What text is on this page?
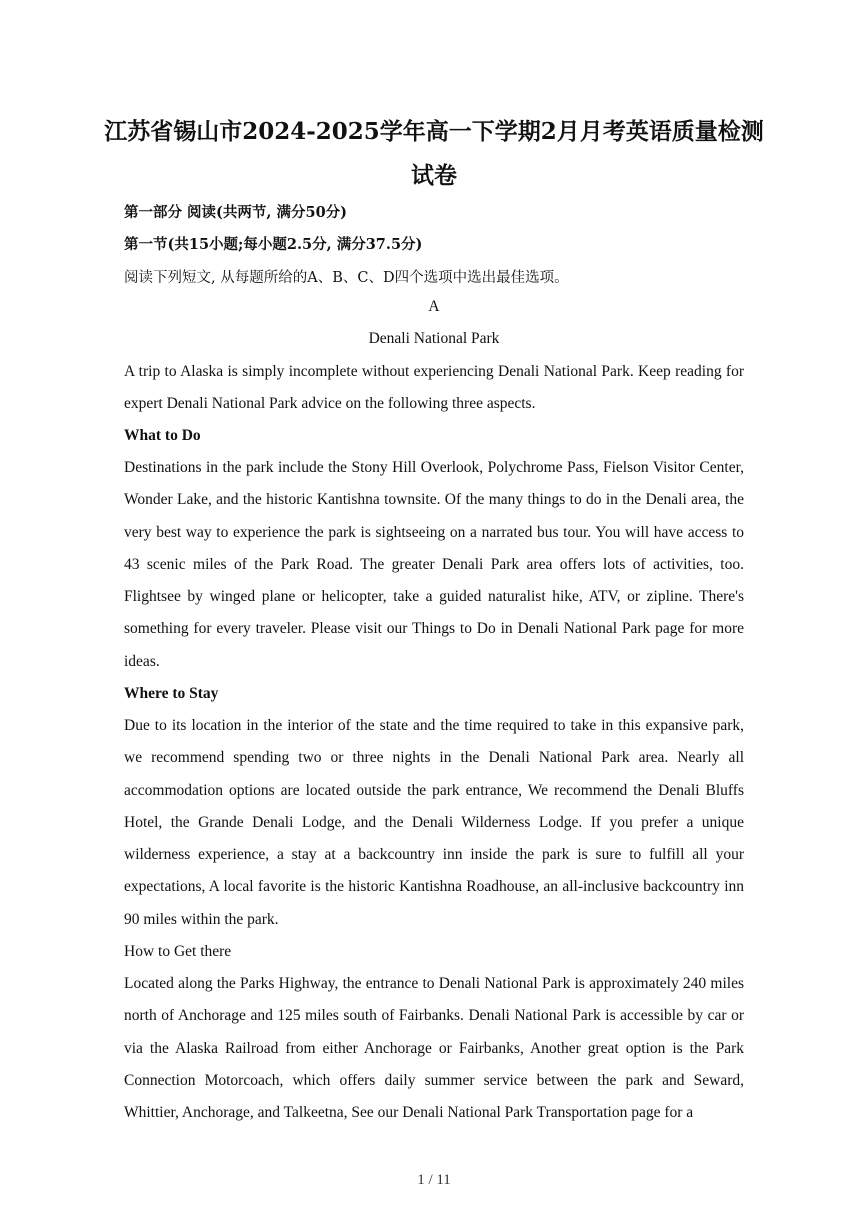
江苏省锡山市2024-2025学年高一下学期2月月考英语质量检测
试卷
第一部分 阅读(共两节, 满分50分)
第一节(共15小题;每小题2.5分, 满分37.5分)
阅读下列短文, 从每题所给的A、B、C、D四个选项中选出最佳选项。
A
Denali National Park

A trip to Alaska is simply incomplete without experiencing Denali National Park. Keep reading for expert Denali National Park advice on the following three aspects.

What to Do

Destinations in the park include the Stony Hill Overlook, Polychrome Pass, Fielson Visitor Center, Wonder Lake, and the historic Kantishna townsite. Of the many things to do in the Denali area, the very best way to experience the park is sightseeing on a narrated bus tour. You will have access to 43 scenic miles of the Park Road. The greater Denali Park area offers lots of activities, too. Flightsee by winged plane or helicopter, take a guided naturalist hike, ATV, or zipline. There's something for every traveler. Please visit our Things to Do in Denali National Park page for more ideas.

Where to Stay

Due to its location in the interior of the state and the time required to take in this expansive park, we recommend spending two or three nights in the Denali National Park area. Nearly all accommodation options are located outside the park entrance, We recommend the Denali Bluffs Hotel, the Grande Denali Lodge, and the Denali Wilderness Lodge. If you prefer a unique wilderness experience, a stay at a backcountry inn inside the park is sure to fulfill all your expectations, A local favorite is the historic Kantishna Roadhouse, an all-inclusive backcountry inn 90 miles within the park.

How to Get there

Located along the Parks Highway, the entrance to Denali National Park is approximately 240 miles north of Anchorage and 125 miles south of Fairbanks. Denali National Park is accessible by car or via the Alaska Railroad from either Anchorage or Fairbanks, Another great option is the Park Connection Motorcoach, which offers daily summer service between the park and Seward, Whittier, Anchorage, and Talkeetna, See our Denali National Park Transportation page for a

1 / 11
